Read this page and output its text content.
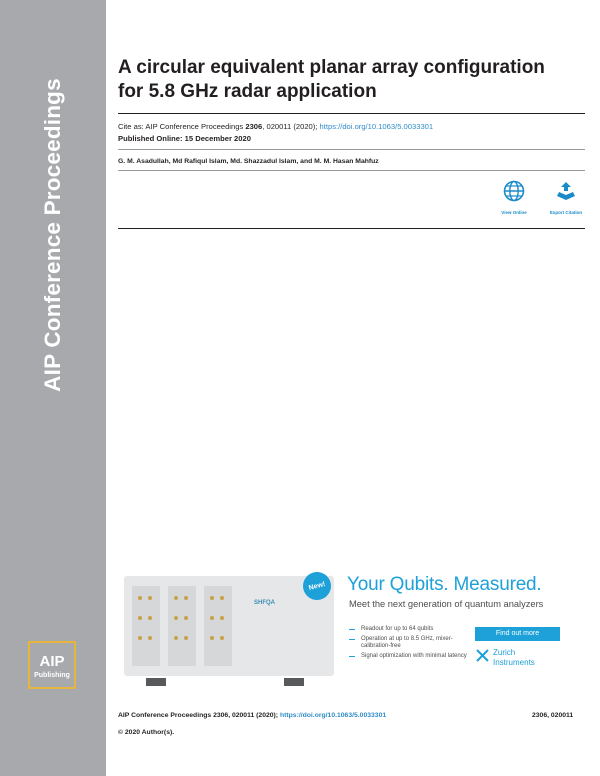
AIP Conference Proceedings
AIP
Publishing
A circular equivalent planar array configuration for 5.8 GHz radar application
Cite as: AIP Conference Proceedings 2306, 020011 (2020); https://doi.org/10.1063/5.0033301
Published Online: 15 December 2020
G. M. Asadullah, Md Rafiqul Islam, Md. Shazzadul Islam, and M. M. Hasan Mahfuz
View Online	Export Citation
SHFQA
New!	Your Qubits. Measured.
Meet the next generation of quantum analyzers
Readout for up to 64 qubits
Operation at up to 8.5 GHz, mixer-calibration-free
Signal optimization with minimal latency
Find out more
Zurich
Instruments
AIP Conference Proceedings 2306, 020011 (2020); https://doi.org/10.1063/5.0033301	2306, 020011
© 2020 Author(s).
